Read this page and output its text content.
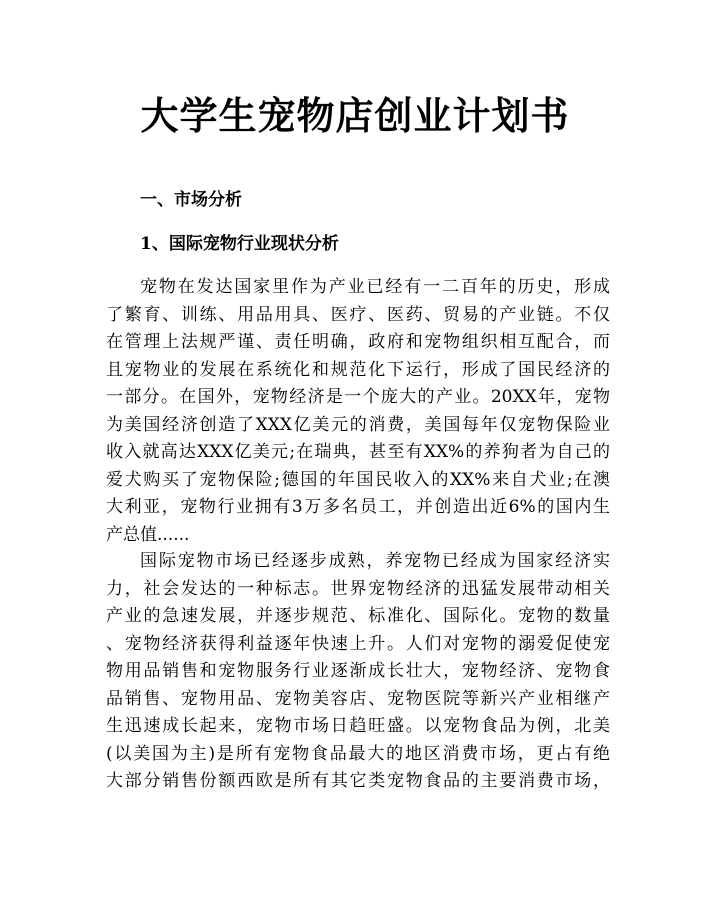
大学生宠物店创业计划书
一、市场分析
1、国际宠物行业现状分析
宠物在发达国家里作为产业已经有一二百年的历史，形成
了繁育、训练、用品用具、医疗、医药、贸易的产业链。不仅
在管理上法规严谨、责任明确，政府和宠物组织相互配合，而
且宠物业的发展在系统化和规范化下运行，形成了国民经济的
一部分。在国外，宠物经济是一个庞大的产业。20XX年，宠物
为美国经济创造了XXX亿美元的消费，美国每年仅宠物保险业
收入就高达XXX亿美元;在瑞典，甚至有XX%的养狗者为自己的
爱犬购买了宠物保险;德国的年国民收入的XX%来自犬业;在澳
大利亚，宠物行业拥有3万多名员工，并创造出近6%的国内生
产总值......
国际宠物市场已经逐步成熟，养宠物已经成为国家经济实
力，社会发达的一种标志。世界宠物经济的迅猛发展带动相关
产业的急速发展，并逐步规范、标准化、国际化。宠物的数量
、宠物经济获得利益逐年快速上升。人们对宠物的溺爱促使宠
物用品销售和宠物服务行业逐渐成长壮大，宠物经济、宠物食
品销售、宠物用品、宠物美容店、宠物医院等新兴产业相继产
生迅速成长起来，宠物市场日趋旺盛。以宠物食品为例，北美
(以美国为主)是所有宠物食品最大的地区消费市场，更占有绝
大部分销售份额西欧是所有其它类宠物食品的主要消费市场，
